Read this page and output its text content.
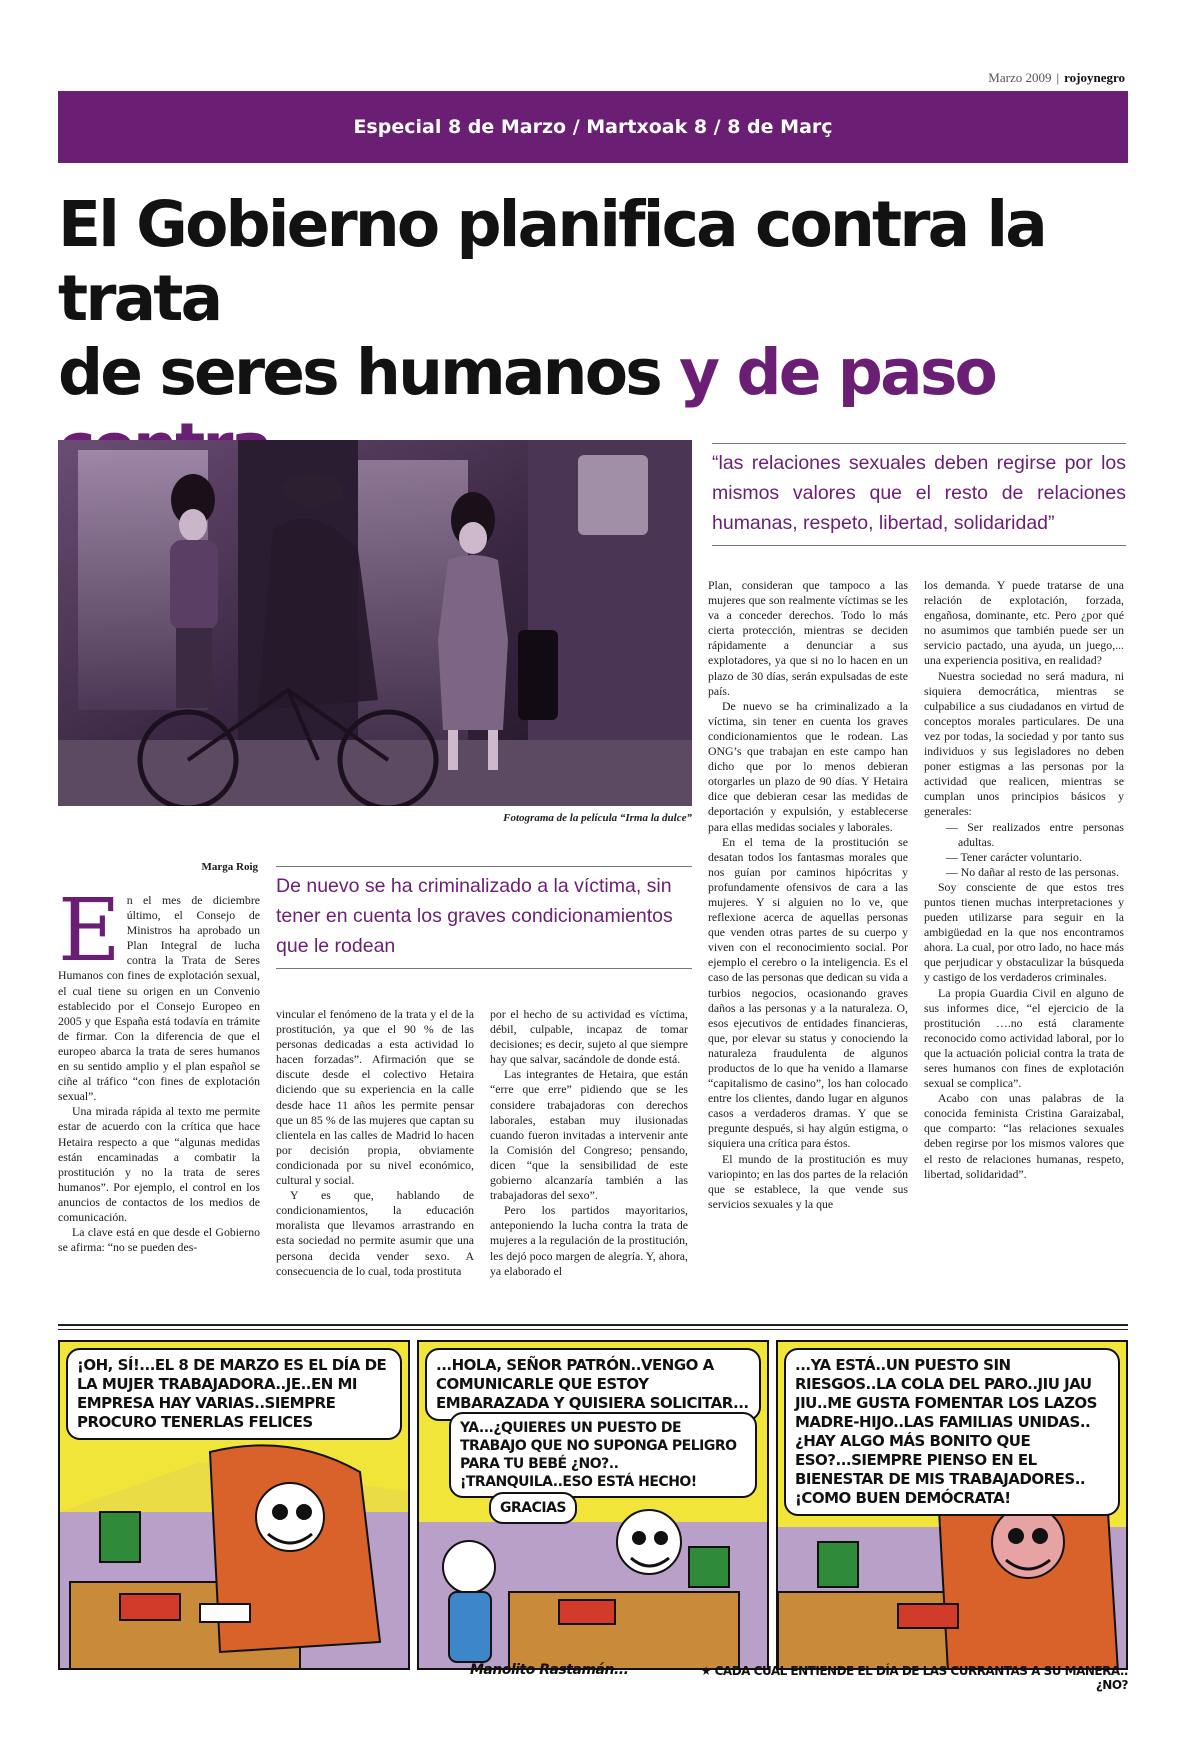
Marzo 2009 | rojoynegro
Especial 8 de Marzo / Martxoak 8 / 8 de Març
El Gobierno planifica contra la trata
de seres humanos y de paso

Fotograma de la película “Irma la dulce”
“las relaciones sexuales deben regirse por los mismos valores que el resto de relaciones humanas, respeto, libertad, solidaridad”
Marga Roig
De nuevo se ha criminalizado a la víctima, sin tener en cuenta los graves condicionamientos que le rodean

En el mes de diciembre último, el Consejo de Ministros ha aprobado un Plan Integral de lucha contra la Trata de Seres Humanos con fines de explotación sexual, el cual tiene su origen en un Convenio establecido por el Consejo Europeo en 2005 y que España está todavía en trámite de firmar. Con la diferencia de que el europeo abarca la trata de seres humanos en su sentido amplio y el plan español se ciñe al tráfico “con fines de explotación sexual”.

Una mirada rápida al texto me permite estar de acuerdo con la crítica que hace Hetaira respecto a que “algunas medidas están encaminadas a combatir la prostitución y no la trata de seres humanos”. Por ejemplo, el control en los anuncios de contactos de los medios de comunicación.

La clave está en que desde el Gobierno se afirma: “no se pueden des-

vincular el fenómeno de la trata y el de la prostitución, ya que el 90 % de las personas dedicadas a esta actividad lo hacen forzadas”. Afirmación que se discute desde el colectivo Hetaira diciendo que su experiencia en la calle desde hace 11 años les permite pensar que un 85 % de las mujeres que captan su clientela en las calles de Madrid lo hacen por decisión propia, obviamente condicionada por su nivel económico, cultural y social.

Y es que, hablando de condicionamientos, la educación moralista que llevamos arrastrando en esta sociedad no permite asumir que una persona decida vender sexo. A consecuencia de lo cual, toda prostituta

por el hecho de su actividad es víctima, débil, culpable, incapaz de tomar decisiones; es decir, sujeto al que siempre hay que salvar, sacándole de donde está.

Las integrantes de Hetaira, que están “erre que erre” pidiendo que se les considere trabajadoras con derechos laborales, estaban muy ilusionadas cuando fueron invitadas a intervenir ante la Comisión del Congreso; pensando, dicen “que la sensibilidad de este gobierno alcanzaría también a las trabajadoras del sexo”.

Pero los partidos mayoritarios, anteponiendo la lucha contra la trata de mujeres a la regulación de la prostitución, les dejó poco margen de alegría. Y, ahora, ya elaborado el

Plan, consideran que tampoco a las mujeres que son realmente víctimas se les va a conceder derechos. Todo lo más cierta protección, mientras se deciden rápidamente a denunciar a sus explotadores, ya que si no lo hacen en un plazo de 30 días, serán expulsadas de este país.

De nuevo se ha criminalizado a la víctima, sin tener en cuenta los graves condicionamientos que le rodean. Las ONG’s que trabajan en este campo han dicho que por lo menos debieran otorgarles un plazo de 90 días. Y Hetaira dice que debieran cesar las medidas de deportación y expulsión, y establecerse para ellas medidas sociales y laborales.

En el tema de la prostitución se desatan todos los fantasmas morales que nos guían por caminos hipócritas y profundamente ofensivos de cara a las mujeres. Y si alguien no lo ve, que reflexione acerca de aquellas personas que venden otras partes de su cuerpo y viven con el reconocimiento social. Por ejemplo el cerebro o la inteligencia. Es el caso de las personas que dedican su vida a turbios negocios, ocasionando graves daños a las personas y a la naturaleza. O, esos ejecutivos de entidades financieras, que, por elevar su status y conociendo la naturaleza fraudulenta de algunos productos de lo que ha venido a llamarse “capitalismo de casino”, los han colocado entre los clientes, dando lugar en algunos casos a verdaderos dramas. Y que se pregunte después, si hay algún estigma, o siquiera una crítica para éstos.

El mundo de la prostitución es muy variopinto; en las dos partes de la relación que se establece, la que vende sus servicios sexuales y la que

los demanda. Y puede tratarse de una relación de explotación, forzada, engañosa, dominante, etc. Pero ¿por qué no asumimos que también puede ser un servicio pactado, una ayuda, un juego,... una experiencia positiva, en realidad?

Nuestra sociedad no será madura, ni siquiera democrática, mientras se culpabilice a sus ciudadanos en virtud de conceptos morales particulares. De una vez por todas, la sociedad y por tanto sus individuos y sus legisladores no deben poner estigmas a las personas por la actividad que realicen, mientras se cumplan unos principios básicos y generales:

— Ser realizados entre personas adultas.
— Tener carácter voluntario.
— No dañar al resto de las personas.

Soy consciente de que estos tres puntos tienen muchas interpretaciones y pueden utilizarse para seguir en la ambigüedad en la que nos encontramos ahora. La cual, por otro lado, no hace más que perjudicar y obstaculizar la búsqueda y castigo de los verdaderos criminales.

La propia Guardia Civil en alguno de sus informes dice, “el ejercicio de la prostitución ….no está claramente reconocido como actividad laboral, por lo que la actuación policial contra la trata de seres humanos con fines de explotación sexual se complica”.

Acabo con unas palabras de la conocida feminista Cristina Garaizabal, que comparto: “las relaciones sexuales deben regirse por los mismos valores que el resto de relaciones humanas, respeto, libertad, solidaridad”.

¡OH, SÍ!...EL 8 DE MARZO ES EL DÍA DE LA MUJER TRABAJADORA..JE..EN MI EMPRESA HAY VARIAS..SIEMPRE PROCURO TENERLAS FELICES
...HOLA, SEÑOR PATRÓN..VENGO A COMUNICARLE QUE ESTOY EMBARAZADA Y QUISIERA SOLICITAR...
YA...¿QUIERES UN PUESTO DE TRABAJO QUE NO SUPONGA PELIGRO PARA TU BEBÉ ¿NO?..¡TRANQUILA..ESO ESTÁ HECHO!
GRACIAS
...YA ESTÁ..UN PUESTO SIN RIESGOS..LA COLA DEL PARO..JIU JAU JIU..ME GUSTA FOMENTAR LOS LAZOS MADRE-HIJO..LAS FAMILIAS UNIDAS..¿HAY ALGO MÁS BONITO QUE ESO?...SIEMPRE PIENSO EN EL BIENESTAR DE MIS TRABAJADORES..¡COMO BUEN DEMÓCRATA!
Manolito Rastamán...	★ CADA CUAL ENTIENDE EL DÍA DE LAS CURRANTAS A SU MANERA..¿NO?
